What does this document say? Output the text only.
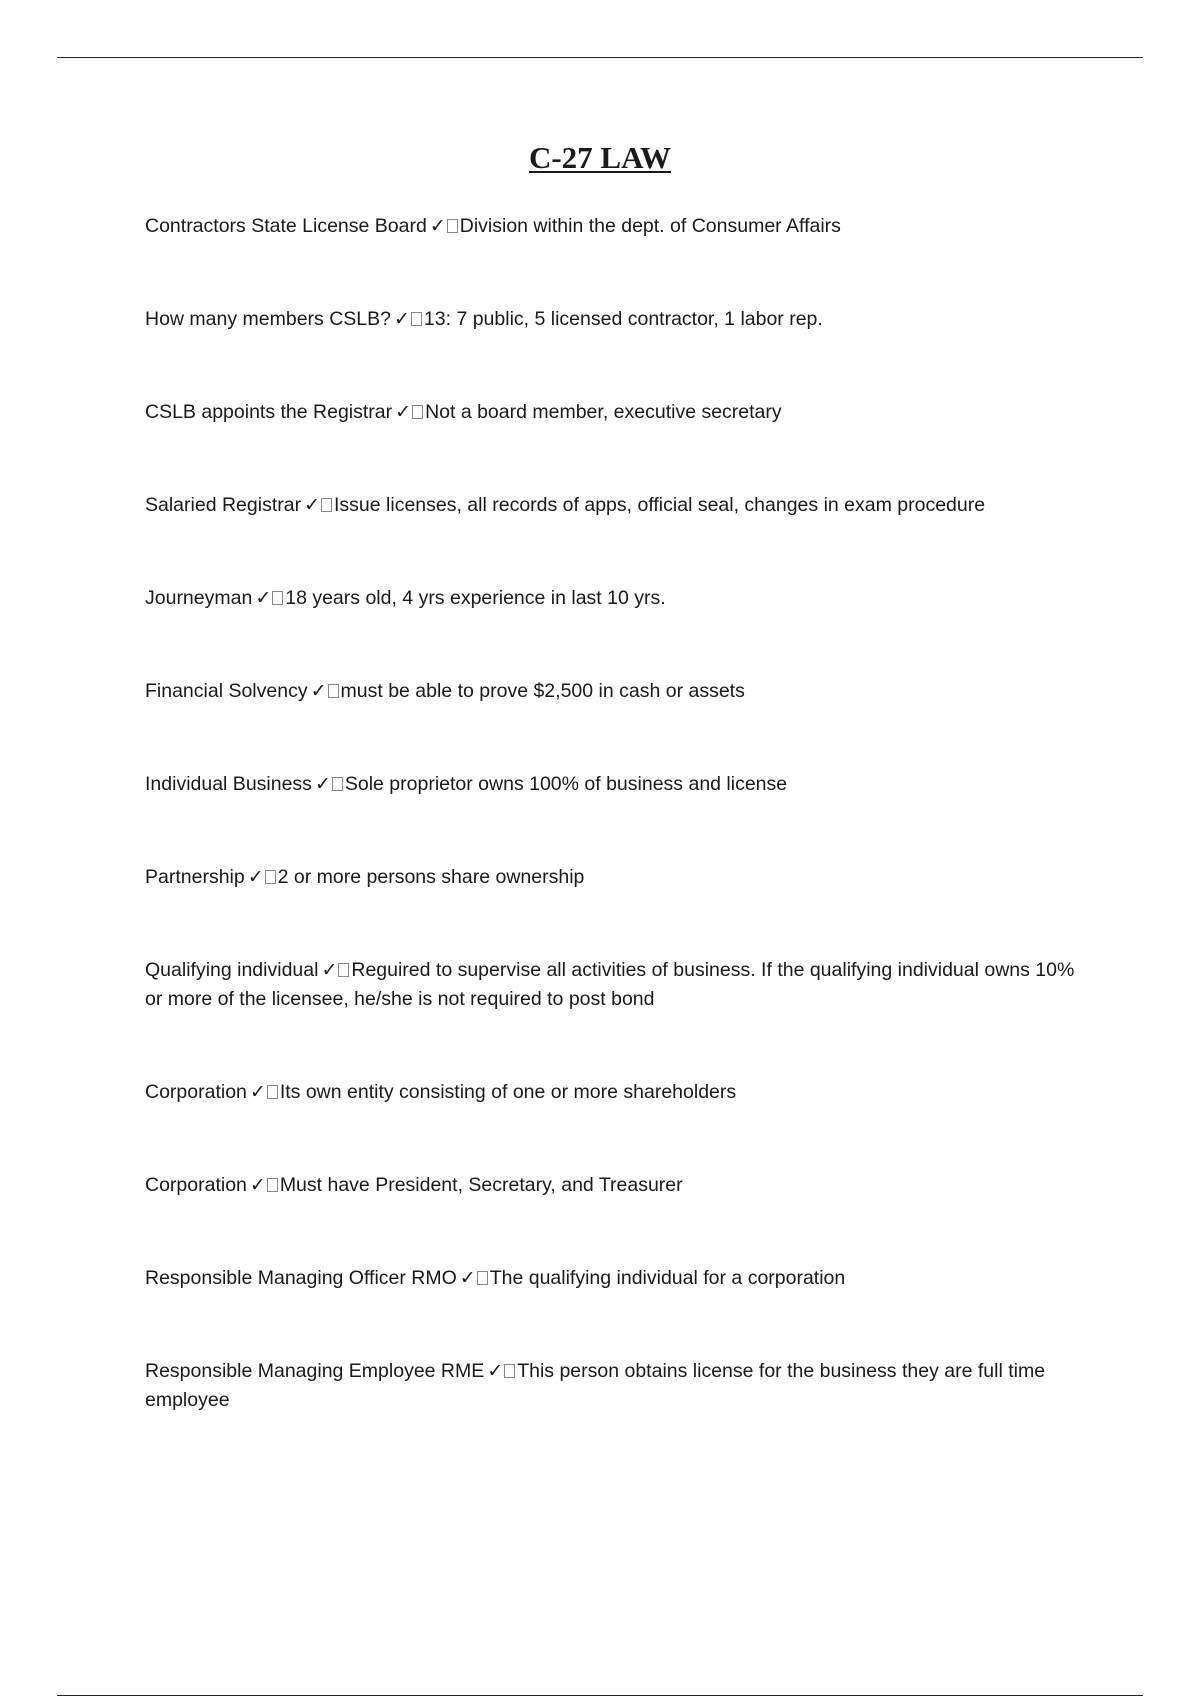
C-27 LAW
Contractors State License Board ✓ Division within the dept. of Consumer Affairs
How many members CSLB? ✓ 13: 7 public, 5 licensed contractor, 1 labor rep.
CSLB appoints the Registrar ✓ Not a board member, executive secretary
Salaried Registrar ✓ Issue licenses, all records of apps, official seal, changes in exam procedure
Journeyman ✓ 18 years old, 4 yrs experience in last 10 yrs.
Financial Solvency ✓ must be able to prove $2,500 in cash or assets
Individual Business ✓ Sole proprietor owns 100% of business and license
Partnership ✓ 2 or more persons share ownership
Qualifying individual ✓ Reguired to supervise all activities of business. If the qualifying individual owns 10% or more of the licensee, he/she is not required to post bond
Corporation ✓ Its own entity consisting of one or more shareholders
Corporation ✓ Must have President, Secretary, and Treasurer
Responsible Managing Officer RMO ✓ The qualifying individual for a corporation
Responsible Managing Employee RME ✓ This person obtains license for the business they are full time employee
